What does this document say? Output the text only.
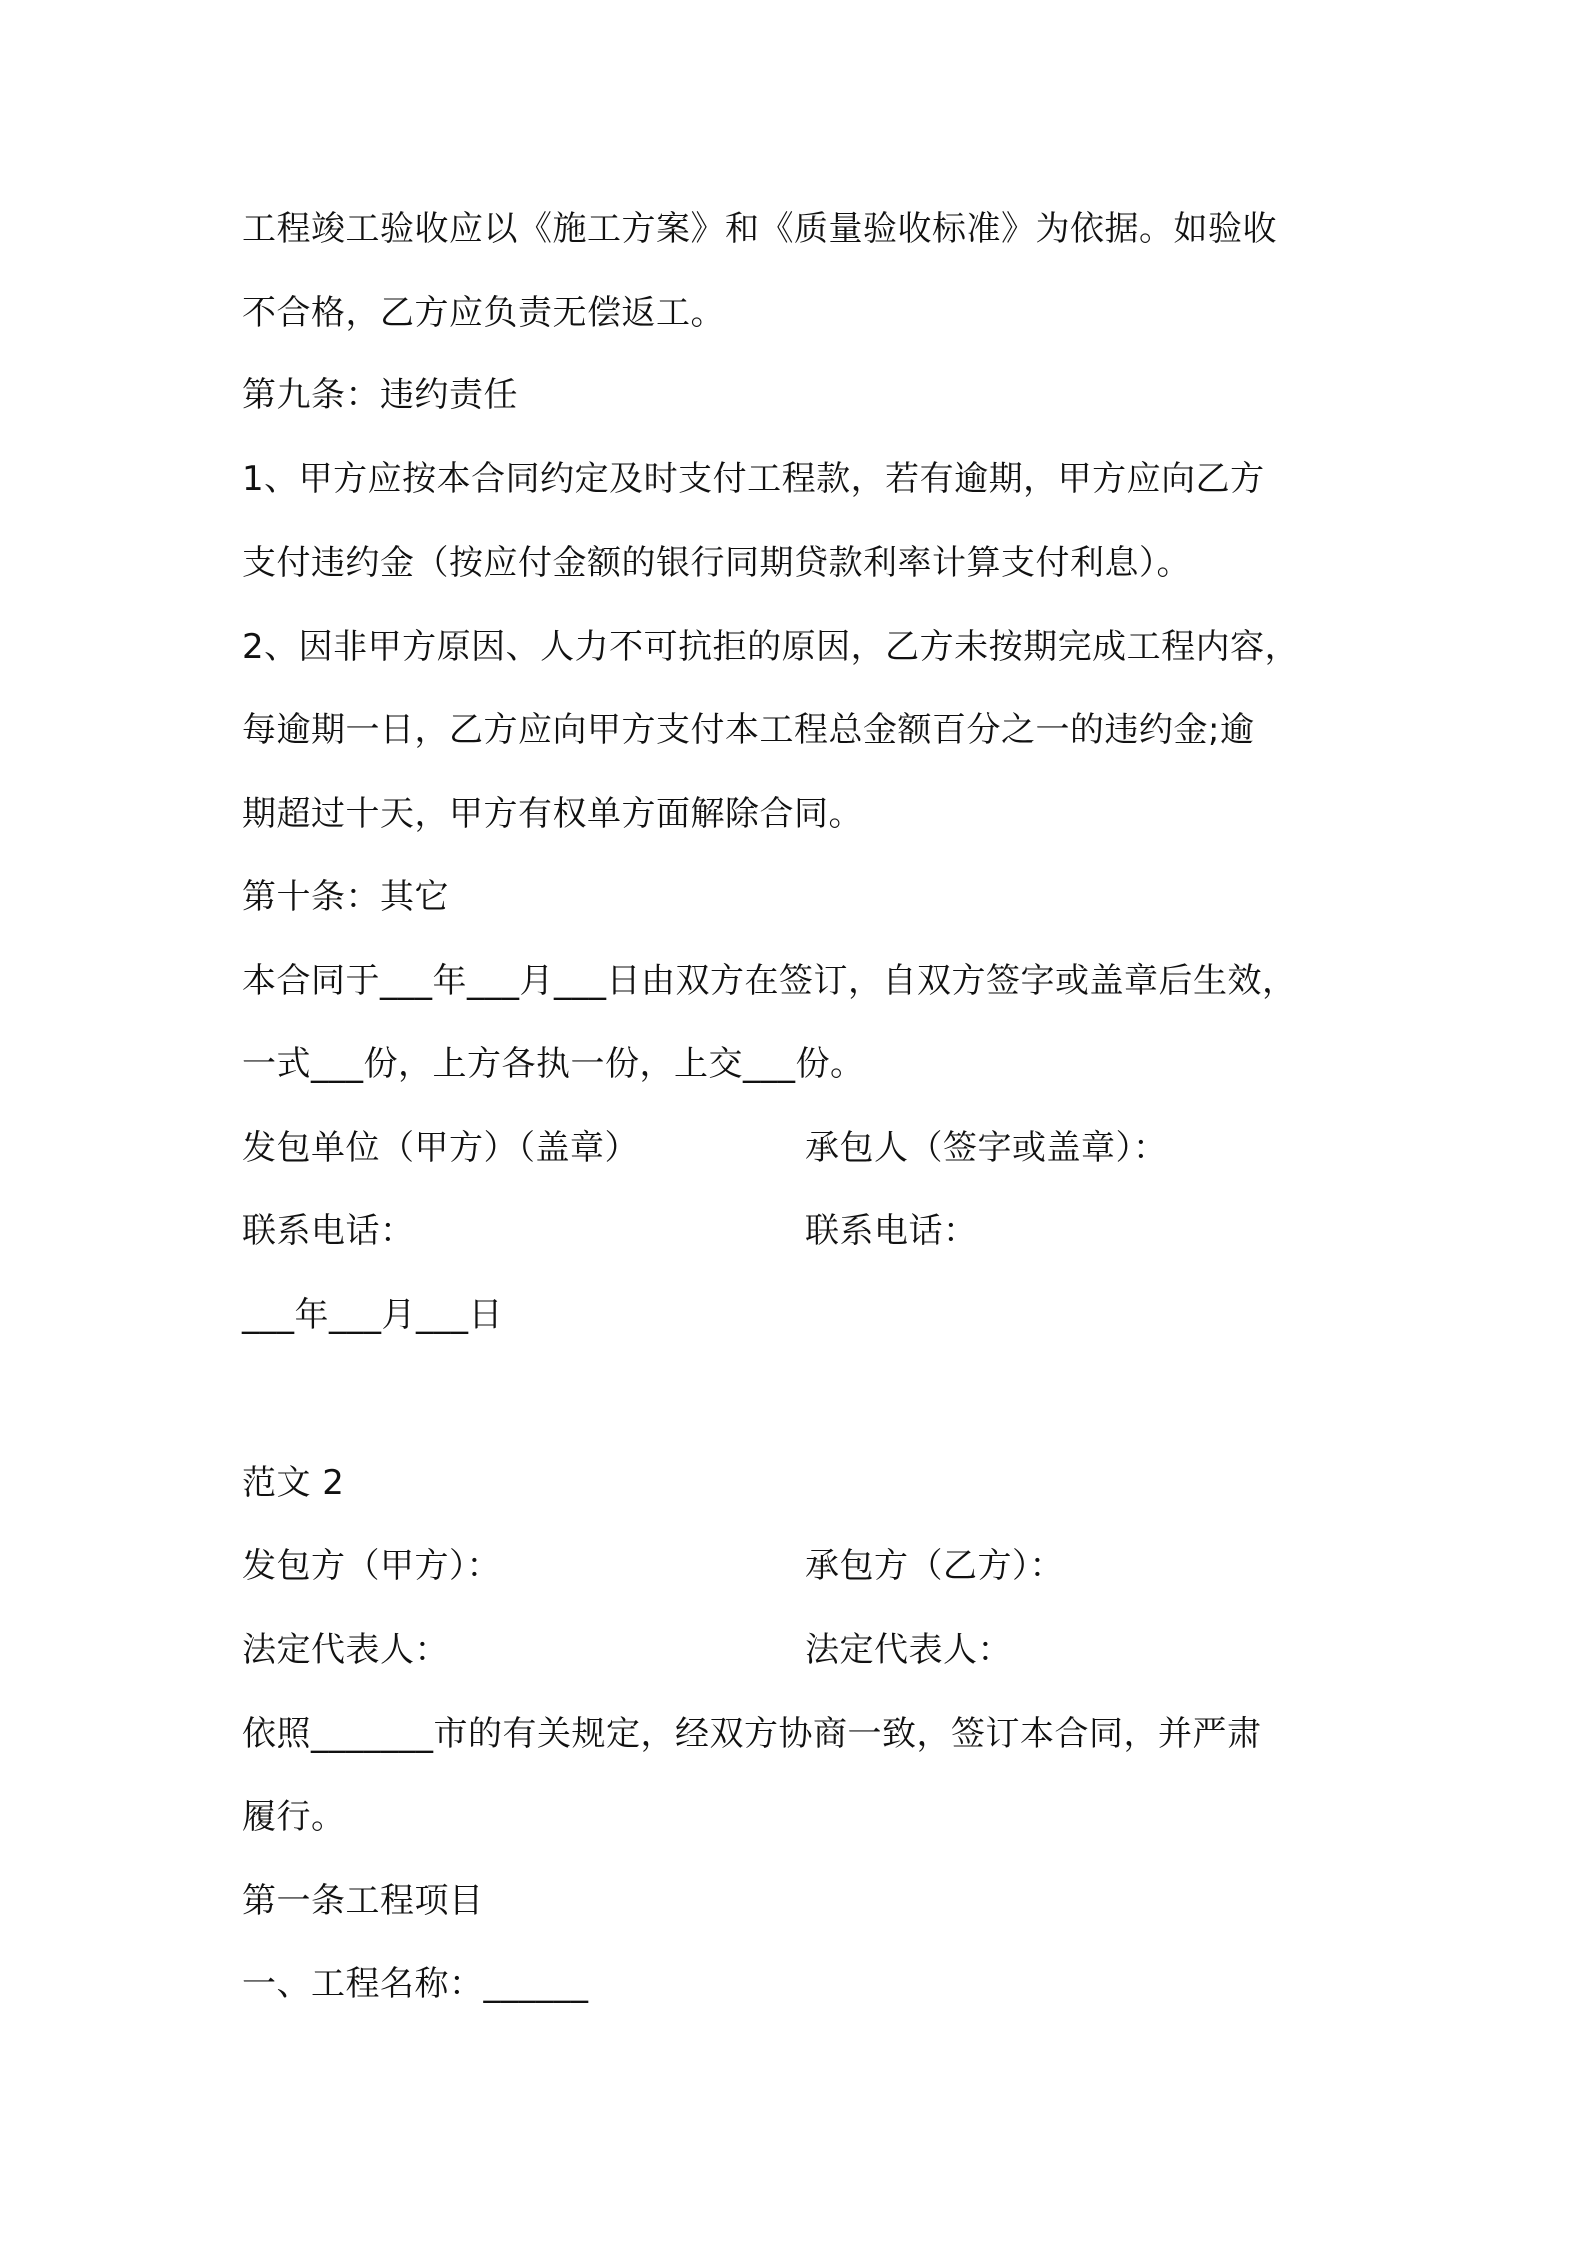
工程竣工验收应以《施工方案》和《质量验收标准》为依据。如验收
不合格，乙方应负责无偿返工。
第九条：违约责任
1、甲方应按本合同约定及时支付工程款，若有逾期，甲方应向乙方
支付违约金（按应付金额的银行同期贷款利率计算支付利息）。
2、因非甲方原因、人力不可抗拒的原因，乙方未按期完成工程内容，
每逾期一日，乙方应向甲方支付本工程总金额百分之一的违约金;逾
期超过十天，甲方有权单方面解除合同。
第十条：其它
本合同于___年___月___日由双方在签订，自双方签字或盖章后生效，
一式___份，上方各执一份，上交___份。
发包单位（甲方）（盖章）	承包人（签字或盖章）：
联系电话：	联系电话：
___年___月___日
范文 2
发包方（甲方）：	承包方（乙方）：
法定代表人：	法定代表人：
依照_______市的有关规定，经双方协商一致，签订本合同，并严肃
履行。
第一条工程项目
一、工程名称：______
